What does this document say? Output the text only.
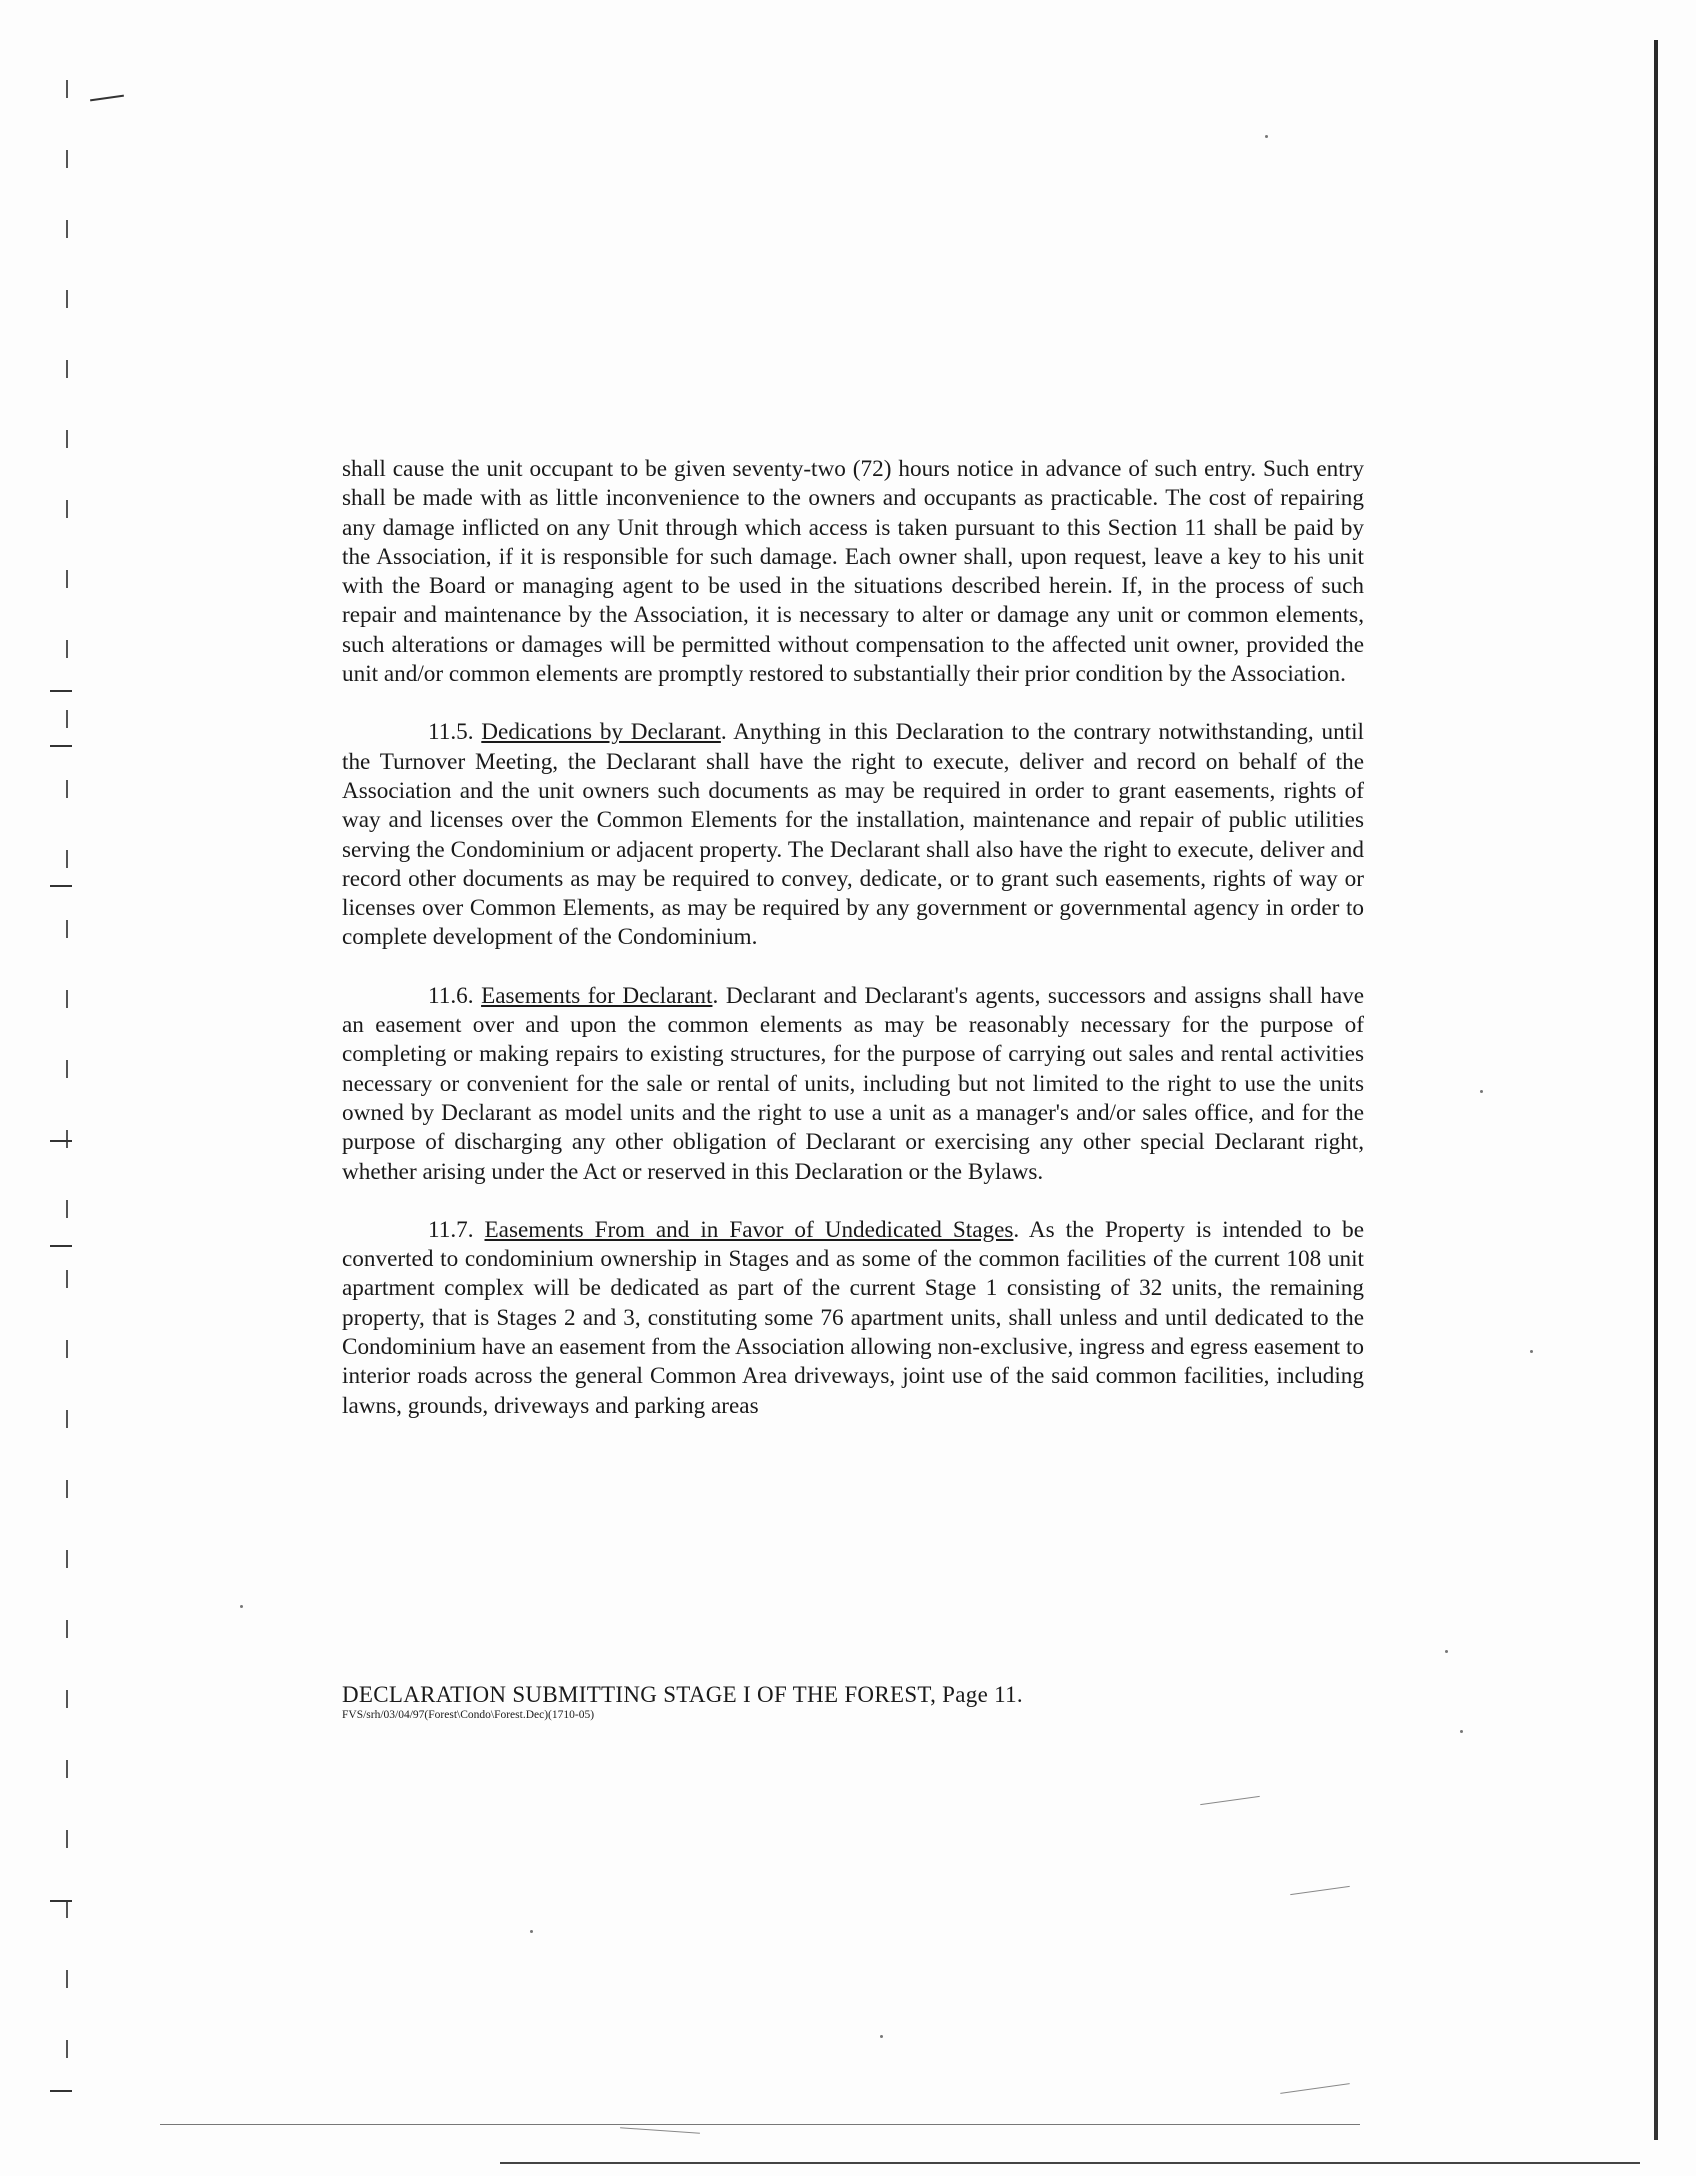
shall cause the unit occupant to be given seventy-two (72) hours notice in advance of such entry. Such entry shall be made with as little inconvenience to the owners and occupants as practicable. The cost of repairing any damage inflicted on any Unit through which access is taken pursuant to this Section 11 shall be paid by the Association, if it is responsible for such damage. Each owner shall, upon request, leave a key to his unit with the Board or managing agent to be used in the situations described herein. If, in the process of such repair and maintenance by the Association, it is necessary to alter or damage any unit or common elements, such alterations or damages will be permitted without compensation to the affected unit owner, provided the unit and/or common elements are promptly restored to substantially their prior condition by the Association.

11.5. Dedications by Declarant. Anything in this Declaration to the contrary notwithstanding, until the Turnover Meeting, the Declarant shall have the right to execute, deliver and record on behalf of the Association and the unit owners such documents as may be required in order to grant easements, rights of way and licenses over the Common Elements for the installation, maintenance and repair of public utilities serving the Condominium or adjacent property. The Declarant shall also have the right to execute, deliver and record other documents as may be required to convey, dedicate, or to grant such easements, rights of way or licenses over Common Elements, as may be required by any government or governmental agency in order to complete development of the Condominium.

11.6. Easements for Declarant. Declarant and Declarant's agents, successors and assigns shall have an easement over and upon the common elements as may be reasonably necessary for the purpose of completing or making repairs to existing structures, for the purpose of carrying out sales and rental activities necessary or convenient for the sale or rental of units, including but not limited to the right to use the units owned by Declarant as model units and the right to use a unit as a manager's and/or sales office, and for the purpose of discharging any other obligation of Declarant or exercising any other special Declarant right, whether arising under the Act or reserved in this Declaration or the Bylaws.

11.7. Easements From and in Favor of Undedicated Stages. As the Property is intended to be converted to condominium ownership in Stages and as some of the common facilities of the current 108 unit apartment complex will be dedicated as part of the current Stage 1 consisting of 32 units, the remaining property, that is Stages 2 and 3, constituting some 76 apartment units, shall unless and until dedicated to the Condominium have an easement from the Association allowing non-exclusive, ingress and egress easement to interior roads across the general Common Area driveways, joint use of the said common facilities, including lawns, grounds, driveways and parking areas

DECLARATION SUBMITTING STAGE I OF THE FOREST, Page 11.
FVS/srh/03/04/97(Forest\Condo\Forest.Dec)(1710-05)
